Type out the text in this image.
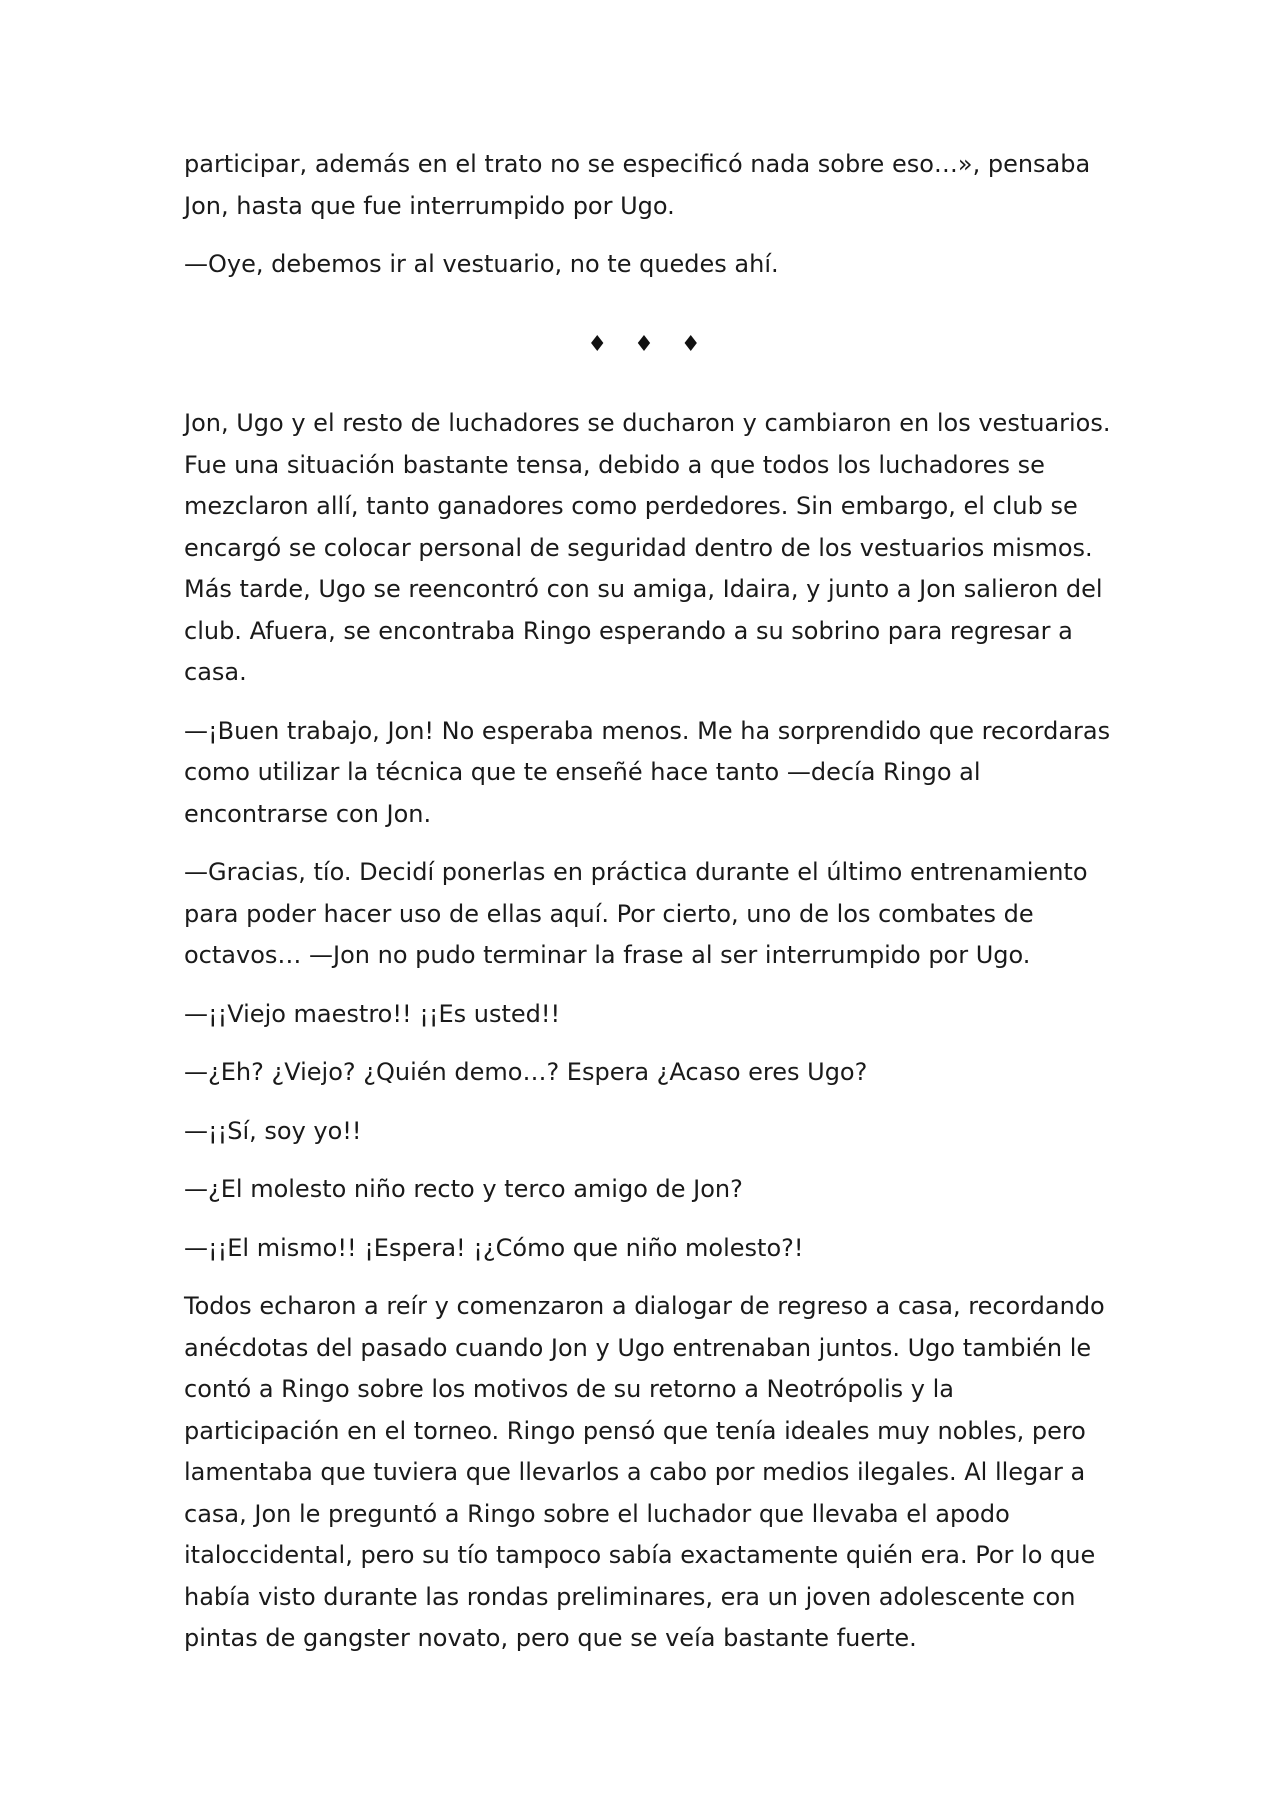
participar, además en el trato no se especificó nada sobre eso…», pensaba Jon, hasta que fue interrumpido por Ugo.

—Oye, debemos ir al vestuario, no te quedes ahí.

♦ ♦ ♦

Jon, Ugo y el resto de luchadores se ducharon y cambiaron en los vestuarios. Fue una situación bastante tensa, debido a que todos los luchadores se mezclaron allí, tanto ganadores como perdedores. Sin embargo, el club se encargó se colocar personal de seguridad dentro de los vestuarios mismos. Más tarde, Ugo se reencontró con su amiga, Idaira, y junto a Jon salieron del club. Afuera, se encontraba Ringo esperando a su sobrino para regresar a casa.

—¡Buen trabajo, Jon! No esperaba menos. Me ha sorprendido que recordaras como utilizar la técnica que te enseñé hace tanto —decía Ringo al encontrarse con Jon.

—Gracias, tío. Decidí ponerlas en práctica durante el último entrenamiento para poder hacer uso de ellas aquí. Por cierto, uno de los combates de octavos… —Jon no pudo terminar la frase al ser interrumpido por Ugo.

—¡¡Viejo maestro!! ¡¡Es usted!!

—¿Eh? ¿Viejo? ¿Quién demo…? Espera ¿Acaso eres Ugo?

—¡¡Sí, soy yo!!

—¿El molesto niño recto y terco amigo de Jon?

—¡¡El mismo!! ¡Espera! ¡¿Cómo que niño molesto?!

Todos echaron a reír y comenzaron a dialogar de regreso a casa, recordando anécdotas del pasado cuando Jon y Ugo entrenaban juntos. Ugo también le contó a Ringo sobre los motivos de su retorno a Neotrópolis y la participación en el torneo. Ringo pensó que tenía ideales muy nobles, pero lamentaba que tuviera que llevarlos a cabo por medios ilegales. Al llegar a casa, Jon le preguntó a Ringo sobre el luchador que llevaba el apodo italoccidental, pero su tío tampoco sabía exactamente quién era. Por lo que había visto durante las rondas preliminares, era un joven adolescente con pintas de gangster novato, pero que se veía bastante fuerte.
